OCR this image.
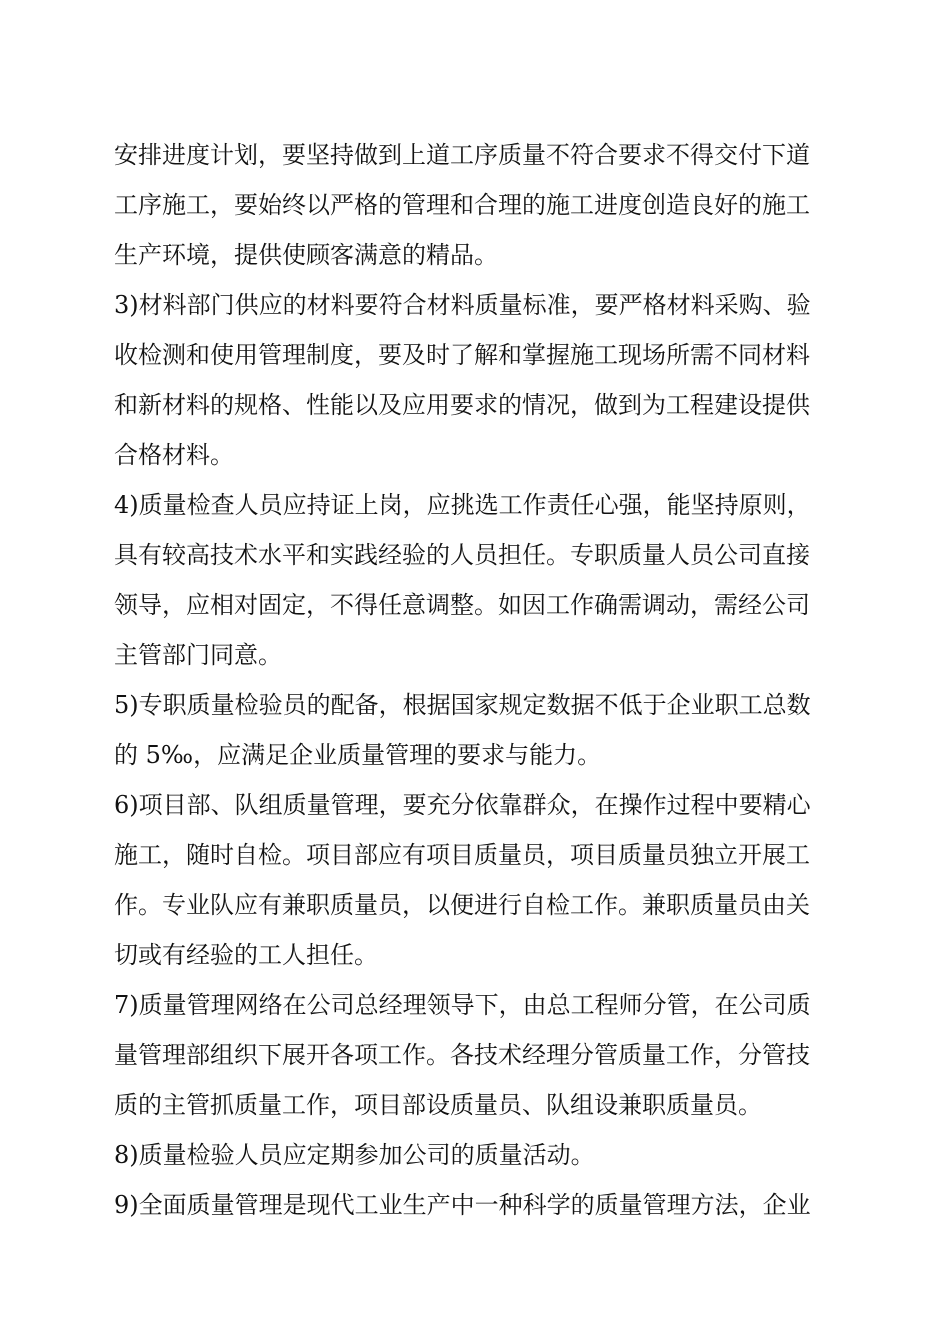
安排进度计划，要坚持做到上道工序质量不符合要求不得交付下道
工序施工，要始终以严格的管理和合理的施工进度创造良好的施工
生产环境，提供使顾客满意的精品。
3)材料部门供应的材料要符合材料质量标准，要严格材料采购、验
收检测和使用管理制度，要及时了解和掌握施工现场所需不同材料
和新材料的规格、性能以及应用要求的情况，做到为工程建设提供
合格材料。
4)质量检查人员应持证上岗，应挑选工作责任心强，能坚持原则，
具有较高技术水平和实践经验的人员担任。专职质量人员公司直接
领导，应相对固定，不得任意调整。如因工作确需调动，需经公司
主管部门同意。
5)专职质量检验员的配备，根据国家规定数据不低于企业职工总数
的 5‰，应满足企业质量管理的要求与能力。
6)项目部、队组质量管理，要充分依靠群众，在操作过程中要精心
施工，随时自检。项目部应有项目质量员，项目质量员独立开展工
作。专业队应有兼职质量员，以便进行自检工作。兼职质量员由关
切或有经验的工人担任。
7)质量管理网络在公司总经理领导下，由总工程师分管，在公司质
量管理部组织下展开各项工作。各技术经理分管质量工作，分管技
质的主管抓质量工作，项目部设质量员、队组设兼职质量员。
8)质量检验人员应定期参加公司的质量活动。
9)全面质量管理是现代工业生产中一种科学的质量管理方法，企业
